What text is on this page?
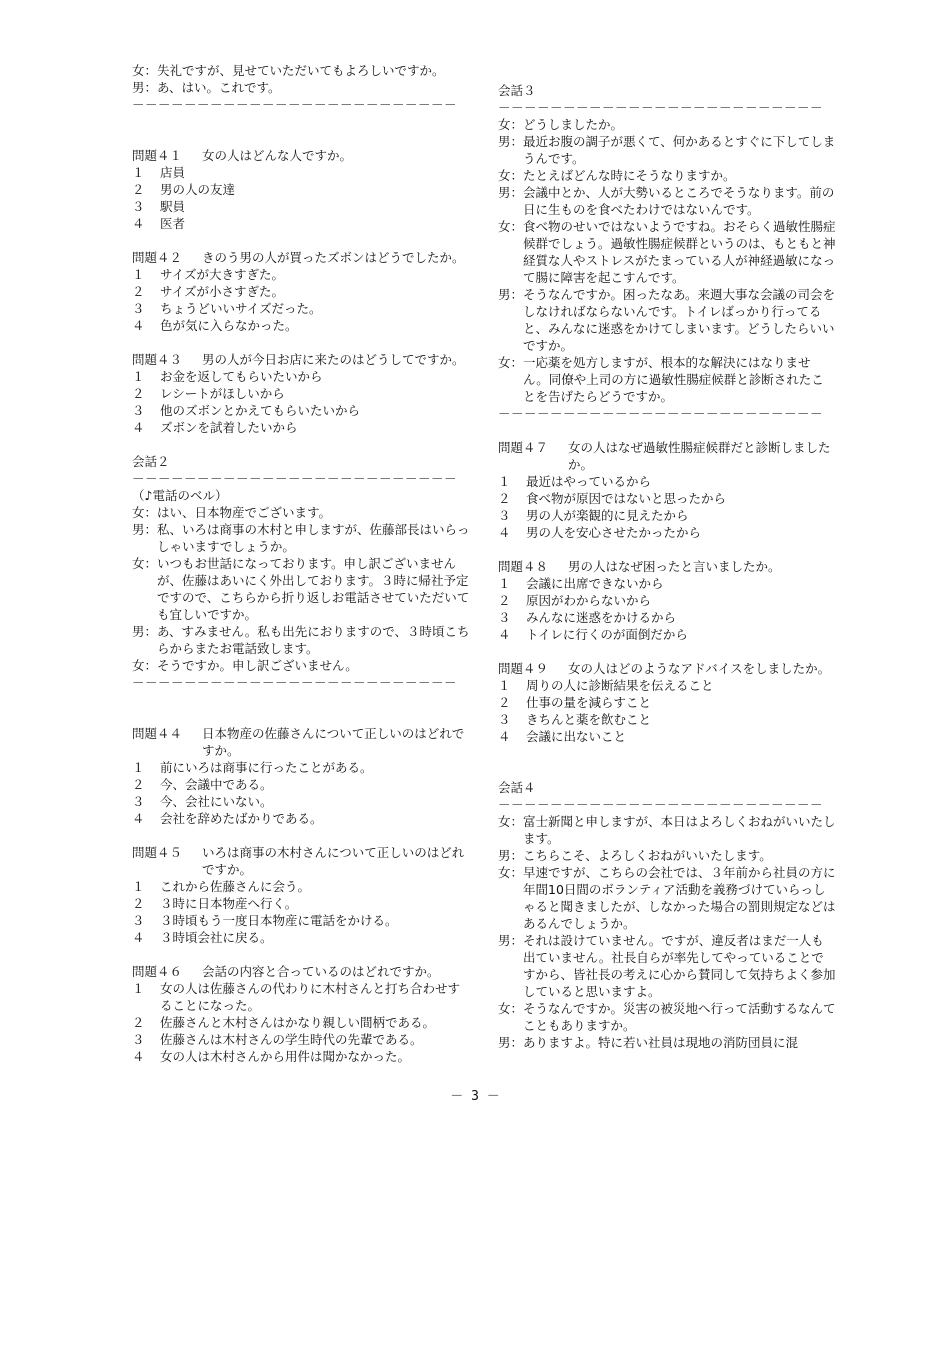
女 ： 失礼ですが、見せていただいてもよろしいですか。
男 ： あ、はい。これです。
－－－－－－－－－－－－－－－－－－－－－－－－－
問題４１	女の人はどんな人ですか。
１	店員
２	男の人の友達
３	駅員
４	医者
問題４２	きのう男の人が買ったズボンはどうでしたか。
１	サイズが大きすぎた。
２	サイズが小さすぎた。
３	ちょうどいいサイズだった。
４	色が気に入らなかった。
問題４３	男の人が今日お店に来たのはどうしてですか。
１	お金を返してもらいたいから
２	レシートがほしいから
３	他のズボンとかえてもらいたいから
４	ズボンを試着したいから
会話２
－－－－－－－－－－－－－－－－－－－－－－－－－
（♪電話のベル）
女 ： はい、日本物産でございます。
男 ： 私、いろは商事の木村と申しますが、佐藤部長はいらっしゃいますでしょうか。
女 ： いつもお世話になっております。申し訳ございませんが、佐藤はあいにく外出しております。３時に帰社予定ですので、こちらから折り返しお電話させていただいても宜しいですか。
男 ： あ、すみません。私も出先におりますので、３時頃こちらからまたお電話致します。
女 ： そうですか。申し訳ございません。
－－－－－－－－－－－－－－－－－－－－－－－－－
問題４４	日本物産の佐藤さんについて正しいのはどれですか。
１	前にいろは商事に行ったことがある。
２	今、会議中である。
３	今、会社にいない。
４	会社を辞めたばかりである。
問題４５	いろは商事の木村さんについて正しいのはどれですか。
１	これから佐藤さんに会う。
２	３時に日本物産へ行く。
３	３時頃もう一度日本物産に電話をかける。
４	３時頃会社に戻る。
問題４６	会話の内容と合っているのはどれですか。
１	女の人は佐藤さんの代わりに木村さんと打ち合わせすることになった。
２	佐藤さんと木村さんはかなり親しい間柄である。
３	佐藤さんは木村さんの学生時代の先輩である。
４	女の人は木村さんから用件は聞かなかった。
会話３
－－－－－－－－－－－－－－－－－－－－－－－－－
女 ： どうしましたか。
男 ： 最近お腹の調子が悪くて、何かあるとすぐに下してしまうんです。
女 ： たとえばどんな時にそうなりますか。
男 ： 会議中とか、人が大勢いるところでそうなります。前の日に生ものを食べたわけではないんです。
女 ： 食べ物のせいではないようですね。おそらく過敏性腸症候群でしょう。過敏性腸症候群というのは、もともと神経質な人やストレスがたまっている人が神経過敏になって腸に障害を起こすんです。
男 ： そうなんですか。困ったなあ。来週大事な会議の司会をしなければならないんです。トイレばっかり行ってると、みんなに迷惑をかけてしまいます。どうしたらいいですか。
女 ： 一応薬を処方しますが、根本的な解決にはなりません。同僚や上司の方に過敏性腸症候群と診断されたことを告げたらどうですか。
－－－－－－－－－－－－－－－－－－－－－－－－－
問題４７	女の人はなぜ過敏性腸症候群だと診断しましたか。
１	最近はやっているから
２	食べ物が原因ではないと思ったから
３	男の人が楽観的に見えたから
４	男の人を安心させたかったから
問題４８	男の人はなぜ困ったと言いましたか。
１	会議に出席できないから
２	原因がわからないから
３	みんなに迷惑をかけるから
４	トイレに行くのが面倒だから
問題４９	女の人はどのようなアドバイスをしましたか。
１	周りの人に診断結果を伝えること
２	仕事の量を減らすこと
３	きちんと薬を飲むこと
４	会議に出ないこと
会話４
－－－－－－－－－－－－－－－－－－－－－－－－－
女 ： 富士新聞と申しますが、本日はよろしくおねがいいたします。
男 ： こちらこそ、よろしくおねがいいたします。
女 ： 早速ですが、こちらの会社では、３年前から社員の方に年間10日間のボランティア活動を義務づけていらっしゃると聞きましたが、しなかった場合の罰則規定などはあるんでしょうか。
男 ： それは設けていません。ですが、違反者はまだ一人も出ていません。社長自らが率先してやっていることですから、皆社長の考えに心から賛同して気持ちよく参加していると思いますよ。
女 ： そうなんですか。災害の被災地へ行って活動するなんてこともありますか。
男 ： ありますよ。特に若い社員は現地の消防団員に混
－ 3 －
